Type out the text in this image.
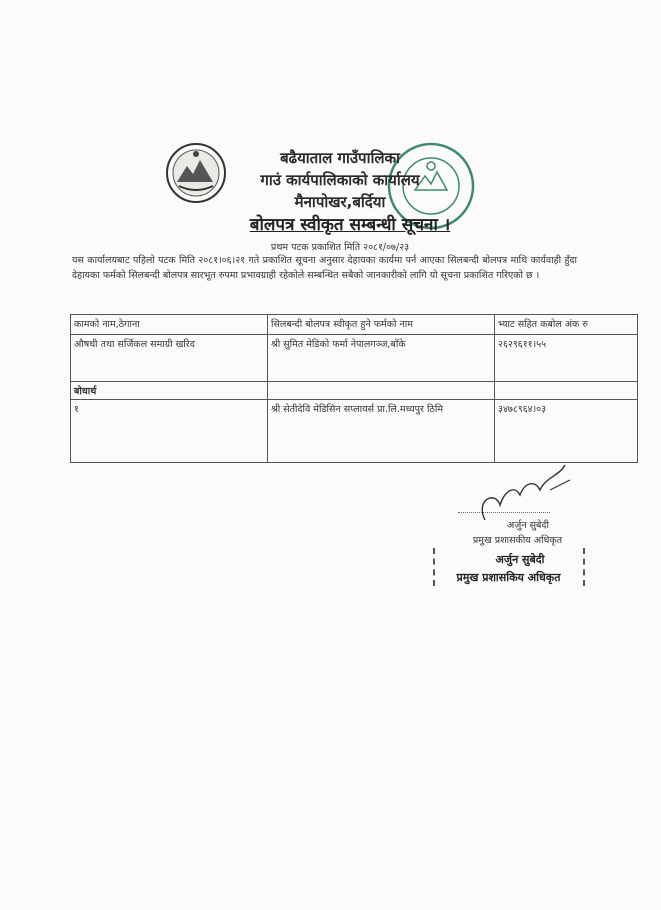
बढैयाताल गाउँपालिका
गाउं कार्यपालिकाको कार्यालय
मैनापोखर,बर्दिया
बोलपत्र स्वीकृत सम्बन्धी सूचना ।
प्रथम पटक प्रकाशित मिति २०८१/०७/२३
यस कार्यालयबाट पहिलो पटक मिति २०८१।०६।२१ गते प्रकाशित सूचना अनुसार देहायका कार्यमा पर्न आएका सिलबन्दी बोलपत्र माथि कार्यवाही हुँदा देहायका फर्मको सिलबन्दी बोलपत्र सारभूत रुपमा प्रभावग्राही रहेकोले सम्बन्धित सबैको जानकारीको लागि यो सूचना प्रकाशित गरिएको छ ।
कामको नाम,ठेगाना	सिलबन्दी बोलपत्र स्वीकृत हुने फर्मको नाम	भ्याट सहित कबोल अंक रु
औषधी तथा सर्जिकल समाग्री खरिद	श्री सुमित मेडिको फर्मा नेपालगञ्ज,बाँके	२६२९६११।५५
बोधार्थ		
१	श्री सेतीदेवि मेडिसिन सप्लायर्स प्रा.लि.मध्यपुर ठिमि	३४७८९६४।०३
अर्जुन सुबेदी
प्रमुख प्रशासकीय अधिकृत
अर्जुन सुबेदी
प्रमुख प्रशासकिय अधिकृत
